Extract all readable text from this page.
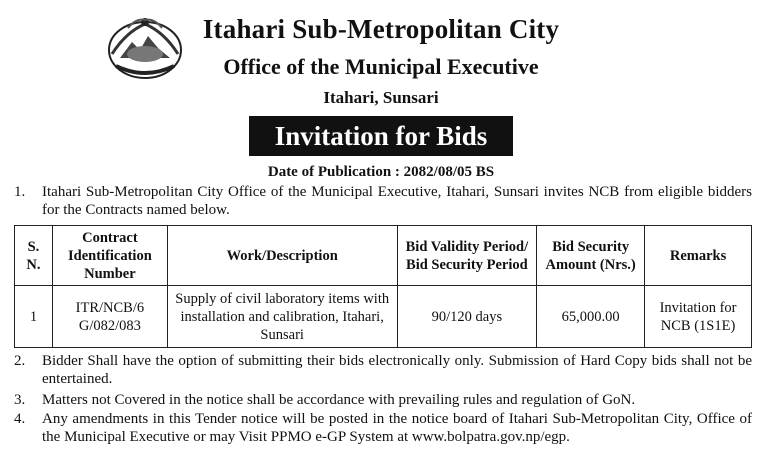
Itahari Sub-Metropolitan City
Office of the Municipal Executive
Itahari, Sunsari
Invitation for Bids
Date of Publication : 2082/08/05 BS
1.	Itahari Sub-Metropolitan City Office of the Municipal Executive, Itahari, Sunsari invites NCB from eligible bidders for the Contracts named below.
S. N.	Contract Identification Number	Work/Description	Bid Validity Period/ Bid Security Period	Bid Security Amount (Nrs.)	Remarks
1	ITR/NCB/6 G/082/083	Supply of civil laboratory items with installation and calibration, Itahari, Sunsari	90/120 days	65,000.00	Invitation for NCB (1S1E)
2.	Bidder Shall have the option of submitting their bids electronically only. Submission of Hard Copy bids shall not be entertained.
3.	Matters not Covered in the notice shall be accordance with prevailing rules and regulation of GoN.
4.	Any amendments in this Tender notice will be posted in the notice board of Itahari Sub-Metropolitan City, Office of the Municipal Executive or may Visit PPMO e-GP System at www.bolpatra.gov.np/egp.
